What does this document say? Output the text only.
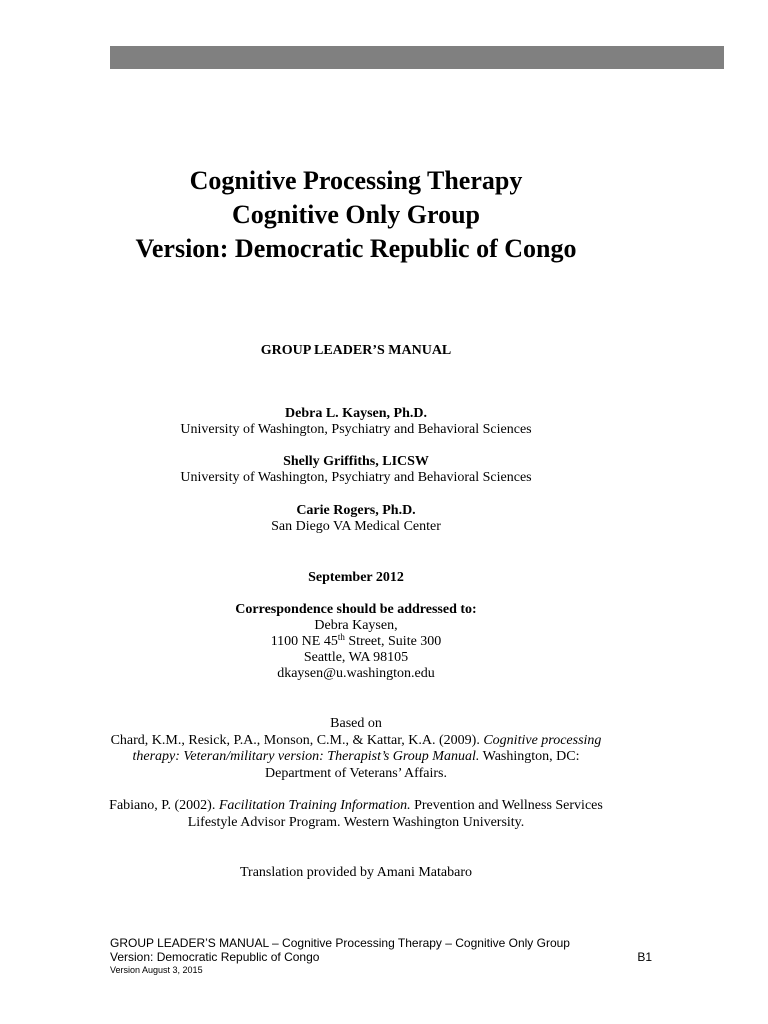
Cognitive Processing Therapy
Cognitive Only Group
Version: Democratic Republic of Congo
GROUP LEADER’S MANUAL
Debra L. Kaysen, Ph.D.
University of Washington, Psychiatry and Behavioral Sciences
Shelly Griffiths, LICSW
University of Washington, Psychiatry and Behavioral Sciences
Carie Rogers, Ph.D.
San Diego VA Medical Center
September 2012
Correspondence should be addressed to:
Debra Kaysen,
1100 NE 45th Street, Suite 300
Seattle, WA 98105
dkaysen@u.washington.edu
Based on
Chard, K.M., Resick, P.A., Monson, C.M., & Kattar, K.A. (2009). Cognitive processing
therapy: Veteran/military version: Therapist’s Group Manual. Washington, DC:
Department of Veterans’ Affairs.
Fabiano, P. (2002). Facilitation Training Information. Prevention and Wellness Services
Lifestyle Advisor Program. Western Washington University.
Translation provided by Amani Matabaro
GROUP LEADER’S MANUAL – Cognitive Processing Therapy – Cognitive Only Group
Version: Democratic Republic of Congo	B1
Version August 3, 2015
